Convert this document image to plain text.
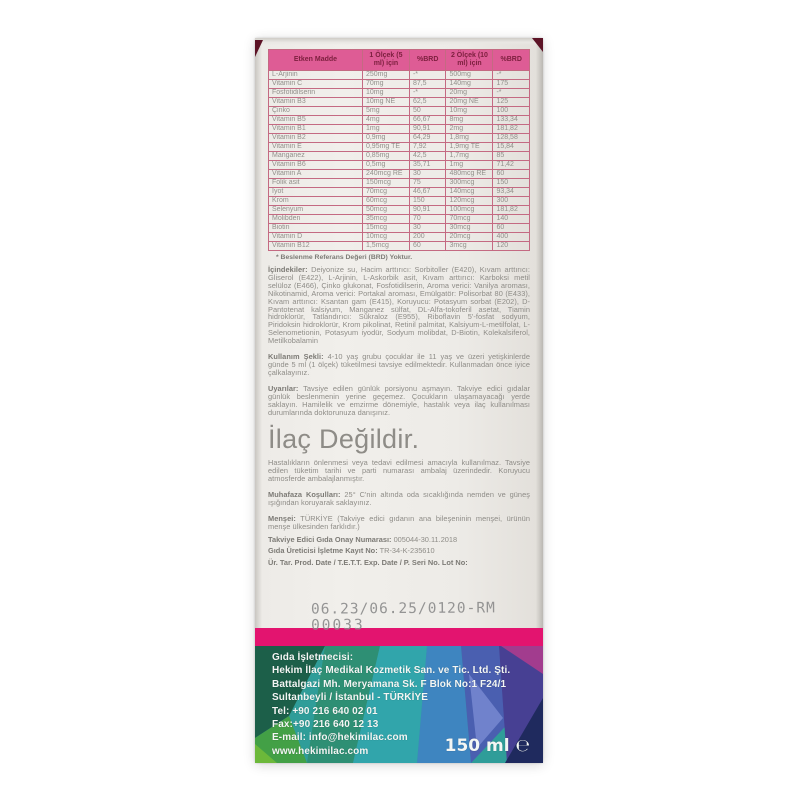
Etken Madde	1 Ölçek (5 ml) için	%BRD	2 Ölçek (10 ml) için	%BRD
L-Arjinin	250mg	-*	500mg	-*
Vitamin C	70mg	87,5	140mg	175
Fosfotidilserin	10mg	-*	20mg	-*
Vitamin B3	10mg NE	62,5	20mg NE	125
Çinko	5mg	50	10mg	100
Vitamin B5	4mg	66,67	8mg	133,34
Vitamin B1	1mg	90,91	2mg	181,82
Vitamin B2	0,9mg	64,29	1,8mg	128,58
Vitamin E	0,95mg TE	7,92	1,9mg TE	15,84
Manganez	0,85mg	42,5	1,7mg	85
Vitamin B6	0,5mg	35,71	1mg	71,42
Vitamin A	240mcg RE	30	480mcg RE	60
Folik asit	150mcg	75	300mcg	150
İyot	70mcg	46,67	140mcg	93,34
Krom	60mcg	150	120mcg	300
Selenyum	50mcg	90,91	100mcg	181,82
Molibden	35mcg	70	70mcg	140
Biotin	15mcg	30	30mcg	60
Vitamin D	10mcg	200	20mcg	400
Vitamin B12	1,5mcg	60	3mcg	120
* Beslenme Referans Değeri (BRD) Yoktur.
İçindekiler: Deiyonize su, Hacim arttırıcı: Sorbitoller (E420), Kıvam arttırıcı: Gliserol (E422), L-Arjinin, L-Askorbik asit, Kıvam arttırıcı: Karboksi metil selüloz (E466), Çinko glukonat, Fosfotidilserin, Aroma verici: Vanilya aroması, Nikotinamid, Aroma verici: Portakal aroması, Emülgatör: Polisorbat 80 (E433), Kıvam arttırıcı: Ksantan gam (E415), Koruyucu: Potasyum sorbat (E202), D-Pantotenat kalsiyum, Manganez sülfat, DL-Alfa-tokoferil asetat, Tiamin hidroklorür, Tatlandırıcı: Sükraloz (E955), Riboflavin 5'-fosfat sodyum, Piridoksin hidroklorür, Krom pikolinat, Retinil palmitat, Kalsiyum-L-metilfolat, L-Selenometionin, Potasyum iyodür, Sodyum molibdat, D-Biotin, Kolekalsiferol, Metilkobalamin
Kullanım Şekli: 4-10 yaş grubu çocuklar ile 11 yaş ve üzeri yetişkinlerde günde 5 ml (1 ölçek) tüketilmesi tavsiye edilmektedir. Kullanmadan önce iyice çalkalayınız.
Uyarılar: Tavsiye edilen günlük porsiyonu aşmayın. Takviye edici gıdalar günlük beslenmenin yerine geçemez. Çocukların ulaşamayacağı yerde saklayın. Hamilelik ve emzirme dönemiyle, hastalık veya ilaç kullanılması durumlarında doktorunuza danışınız.
İlaç Değildir.
Hastalıkların önlenmesi veya tedavi edilmesi amacıyla kullanılmaz. Tavsiye edilen tüketim tarihi ve parti numarası ambalaj üzerindedir. Koruyucu atmosferde ambalajlanmıştır.
Muhafaza Koşulları: 25° C'nin altında oda sıcaklığında nemden ve güneş ışığından koruyarak saklayınız.
Menşei: TÜRKİYE (Takviye edici gıdanın ana bileşeninin menşei, ürünün menşe ülkesinden farklıdır.)
Takviye Edici Gıda Onay Numarası: 005044-30.11.2018
Gıda Üreticisi İşletme Kayıt No: TR-34-K-235610
Ür. Tar. Prod. Date / T.E.T.T. Exp. Date / P. Seri No. Lot No:
06.23/06.25/0120-RM
00033
Gıda İşletmecisi:
Hekim İlaç Medikal Kozmetik San. ve Tic. Ltd. Şti.
Battalgazi Mh. Meryamana Sk. F Blok No:1 F24/1
Sultanbeyli / İstanbul - TÜRKİYE
Tel: +90 216 640 02 01
Fax:+90 216 640 12 13
E-mail: info@hekimilac.com
www.hekimilac.com	150 ml ℮
